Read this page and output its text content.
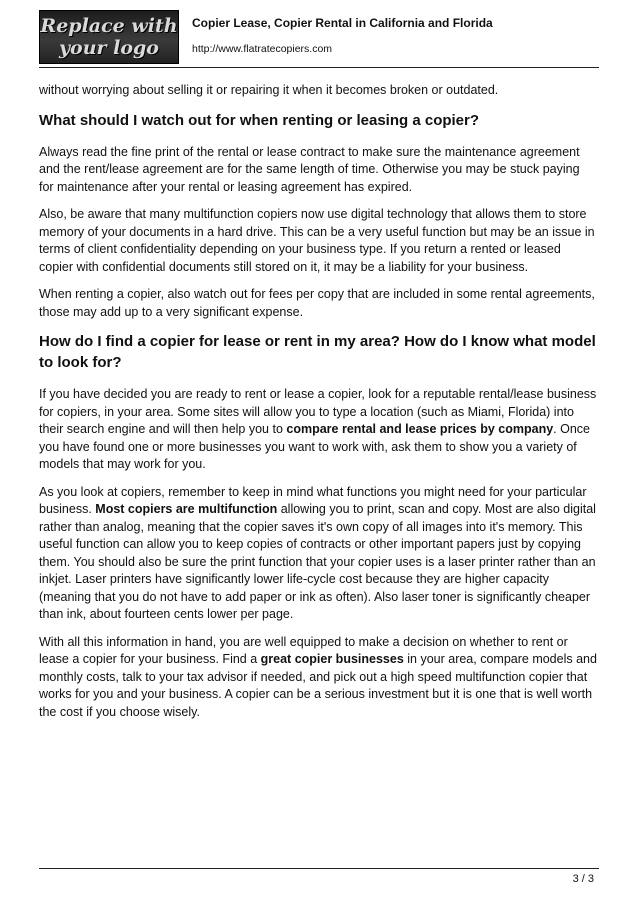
Replace with
your logo
Copier Lease, Copier Rental in California and Florida
http://www.flatratecopiers.com

without worrying about selling it or repairing it when it becomes broken or outdated.

What should I watch out for when renting or leasing a copier?

Always read the fine print of the rental or lease contract to make sure the maintenance agreement and the rent/lease agreement are for the same length of time. Otherwise you may be stuck paying for maintenance after your rental or leasing agreement has expired.

Also, be aware that many multifunction copiers now use digital technology that allows them to store memory of your documents in a hard drive. This can be a very useful function but may be an issue in terms of client confidentiality depending on your business type. If you return a rented or leased copier with confidential documents still stored on it, it may be a liability for your business.

When renting a copier, also watch out for fees per copy that are included in some rental agreements, those may add up to a very significant expense.

How do I find a copier for lease or rent in my area? How do I know what model to look for?

If you have decided you are ready to rent or lease a copier, look for a reputable rental/lease business for copiers, in your area. Some sites will allow you to type a location (such as Miami, Florida) into their search engine and will then help you to compare rental and lease prices by company. Once you have found one or more businesses you want to work with, ask them to show you a variety of models that may work for you.

As you look at copiers, remember to keep in mind what functions you might need for your particular business. Most copiers are multifunction allowing you to print, scan and copy. Most are also digital rather than analog, meaning that the copier saves it's own copy of all images into it's memory. This useful function can allow you to keep copies of contracts or other important papers just by copying them. You should also be sure the print function that your copier uses is a laser printer rather than an inkjet. Laser printers have significantly lower life-cycle cost because they are higher capacity (meaning that you do not have to add paper or ink as often). Also laser toner is significantly cheaper than ink, about fourteen cents lower per page.

With all this information in hand, you are well equipped to make a decision on whether to rent or lease a copier for your business. Find a great copier businesses in your area, compare models and monthly costs, talk to your tax advisor if needed, and pick out a high speed multifunction copier that works for you and your business. A copier can be a serious investment but it is one that is well worth the cost if you choose wisely.

3 / 3
